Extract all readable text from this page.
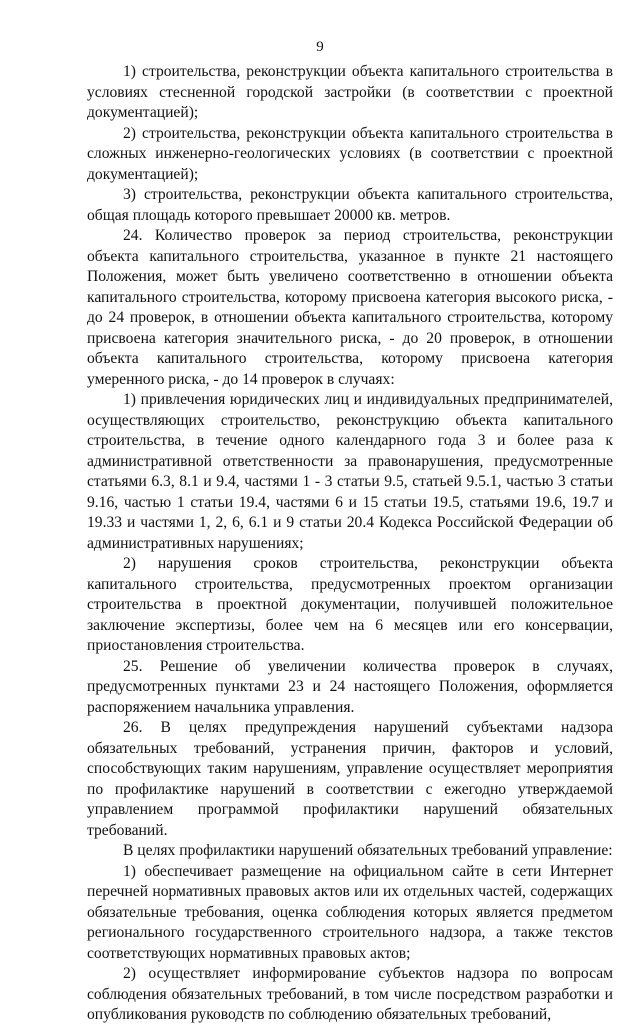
9

1) строительства, реконструкции объекта капитального строительства в условиях стесненной городской застройки (в соответствии с проектной документацией);

2) строительства, реконструкции объекта капитального строительства в сложных инженерно-геологических условиях (в соответствии с проектной документацией);

3) строительства, реконструкции объекта капитального строительства, общая площадь которого превышает 20000 кв. метров.

24. Количество проверок за период строительства, реконструкции объекта капитального строительства, указанное в пункте 21 настоящего Положения, может быть увеличено соответственно в отношении объекта капитального строительства, которому присвоена категория высокого риска, - до 24 проверок, в отношении объекта капитального строительства, которому присвоена категория значительного риска, - до 20 проверок, в отношении объекта капитального строительства, которому присвоена категория умеренного риска, - до 14 проверок в случаях:

1) привлечения юридических лиц и индивидуальных предпринимателей, осуществляющих строительство, реконструкцию объекта капитального строительства, в течение одного календарного года 3 и более раза к административной ответственности за правонарушения, предусмотренные статьями 6.3, 8.1 и 9.4, частями 1 - 3 статьи 9.5, статьей 9.5.1, частью 3 статьи 9.16, частью 1 статьи 19.4, частями 6 и 15 статьи 19.5, статьями 19.6, 19.7 и 19.33 и частями 1, 2, 6, 6.1 и 9 статьи 20.4 Кодекса Российской Федерации об административных нарушениях;

2) нарушения сроков строительства, реконструкции объекта капитального строительства, предусмотренных проектом организации строительства в проектной документации, получившей положительное заключение экспертизы, более чем на 6 месяцев или его консервации, приостановления строительства.

25. Решение об увеличении количества проверок в случаях, предусмотренных пунктами 23 и 24 настоящего Положения, оформляется распоряжением начальника управления.

26. В целях предупреждения нарушений субъектами надзора обязательных требований, устранения причин, факторов и условий, способствующих таким нарушениям, управление осуществляет мероприятия по профилактике нарушений в соответствии с ежегодно утверждаемой управлением программой профилактики нарушений обязательных требований.

В целях профилактики нарушений обязательных требований управление:

1) обеспечивает размещение на официальном сайте в сети Интернет перечней нормативных правовых актов или их отдельных частей, содержащих обязательные требования, оценка соблюдения которых является предметом регионального государственного строительного надзора, а также текстов соответствующих нормативных правовых актов;

2) осуществляет информирование субъектов надзора по вопросам соблюдения обязательных требований, в том числе посредством разработки и опубликования руководств по соблюдению обязательных требований,
